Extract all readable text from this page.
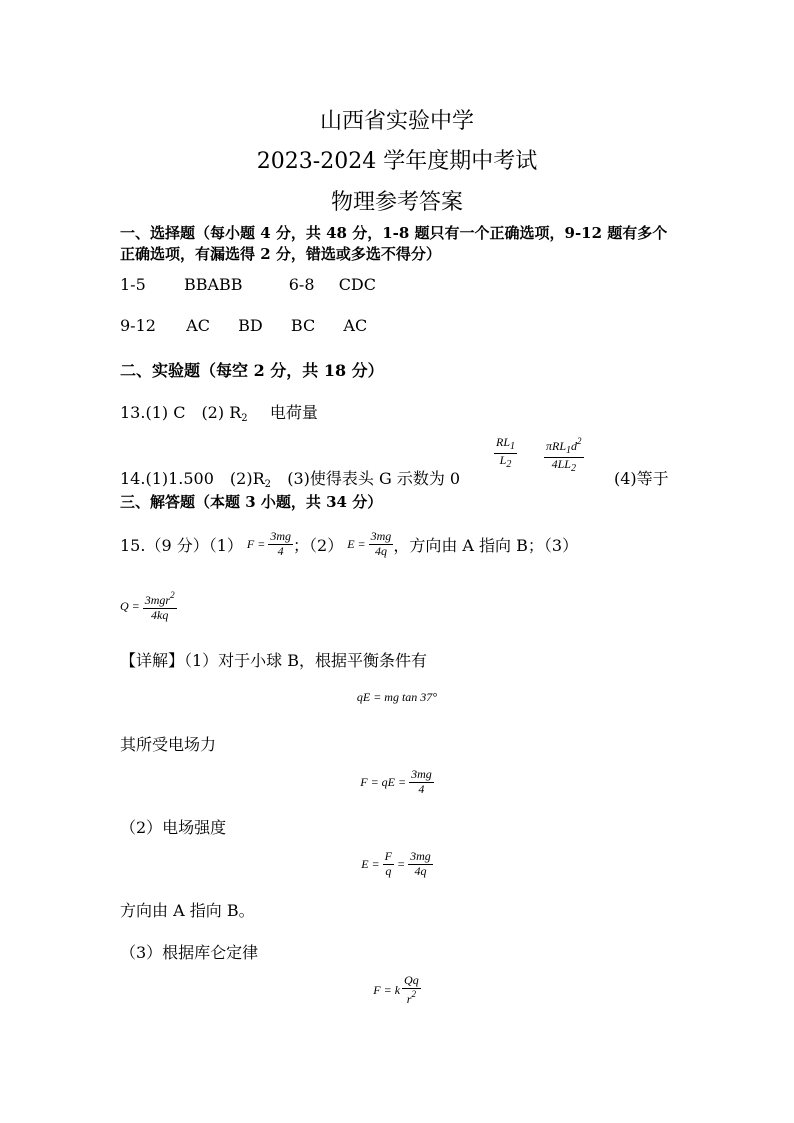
山西省实验中学
2023-2024 学年度期中考试
物理参考答案
一、选择题（每小题 4 分，共 48 分，1-8 题只有一个正确选项，9-12 题有多个
正确选项，有漏选得 2 分，错选或多选不得分）
1-5 BBABB	6-8 CDC
9-12 AC BD BC AC
二、实验题（每空 2 分，共 18 分）
13.(1) C　(2) $R_2$ 电荷量
14.(1)1.500　$(2)R_2$ (3)使得表头 G 示数为 0
$\frac{RL_1}{L_2} \frac{\pi RL_1d^2}{4LL_2}$
(4)等于
三、解答题（本题 3 小题，共 34 分）
15.（9 分）（1） $F = \frac{3mg}{4}$ ；（2） $E = \frac{3mg}{4q}$ ，方向由 A 指向 B；（3）
$Q = \frac{3mgr^2}{4kq}$
【详解】（1）对于小球 B，根据平衡条件有
qE = mg tan 37°
其所受电场力
F = qE = $\frac{3mg}{4}$
（2）电场强度
$E = \frac{F}{q} = \frac{3mg}{4q}$
方向由 A 指向 B。
（3）根据库仑定律
F = k $\frac{Qq}{r^2}$
